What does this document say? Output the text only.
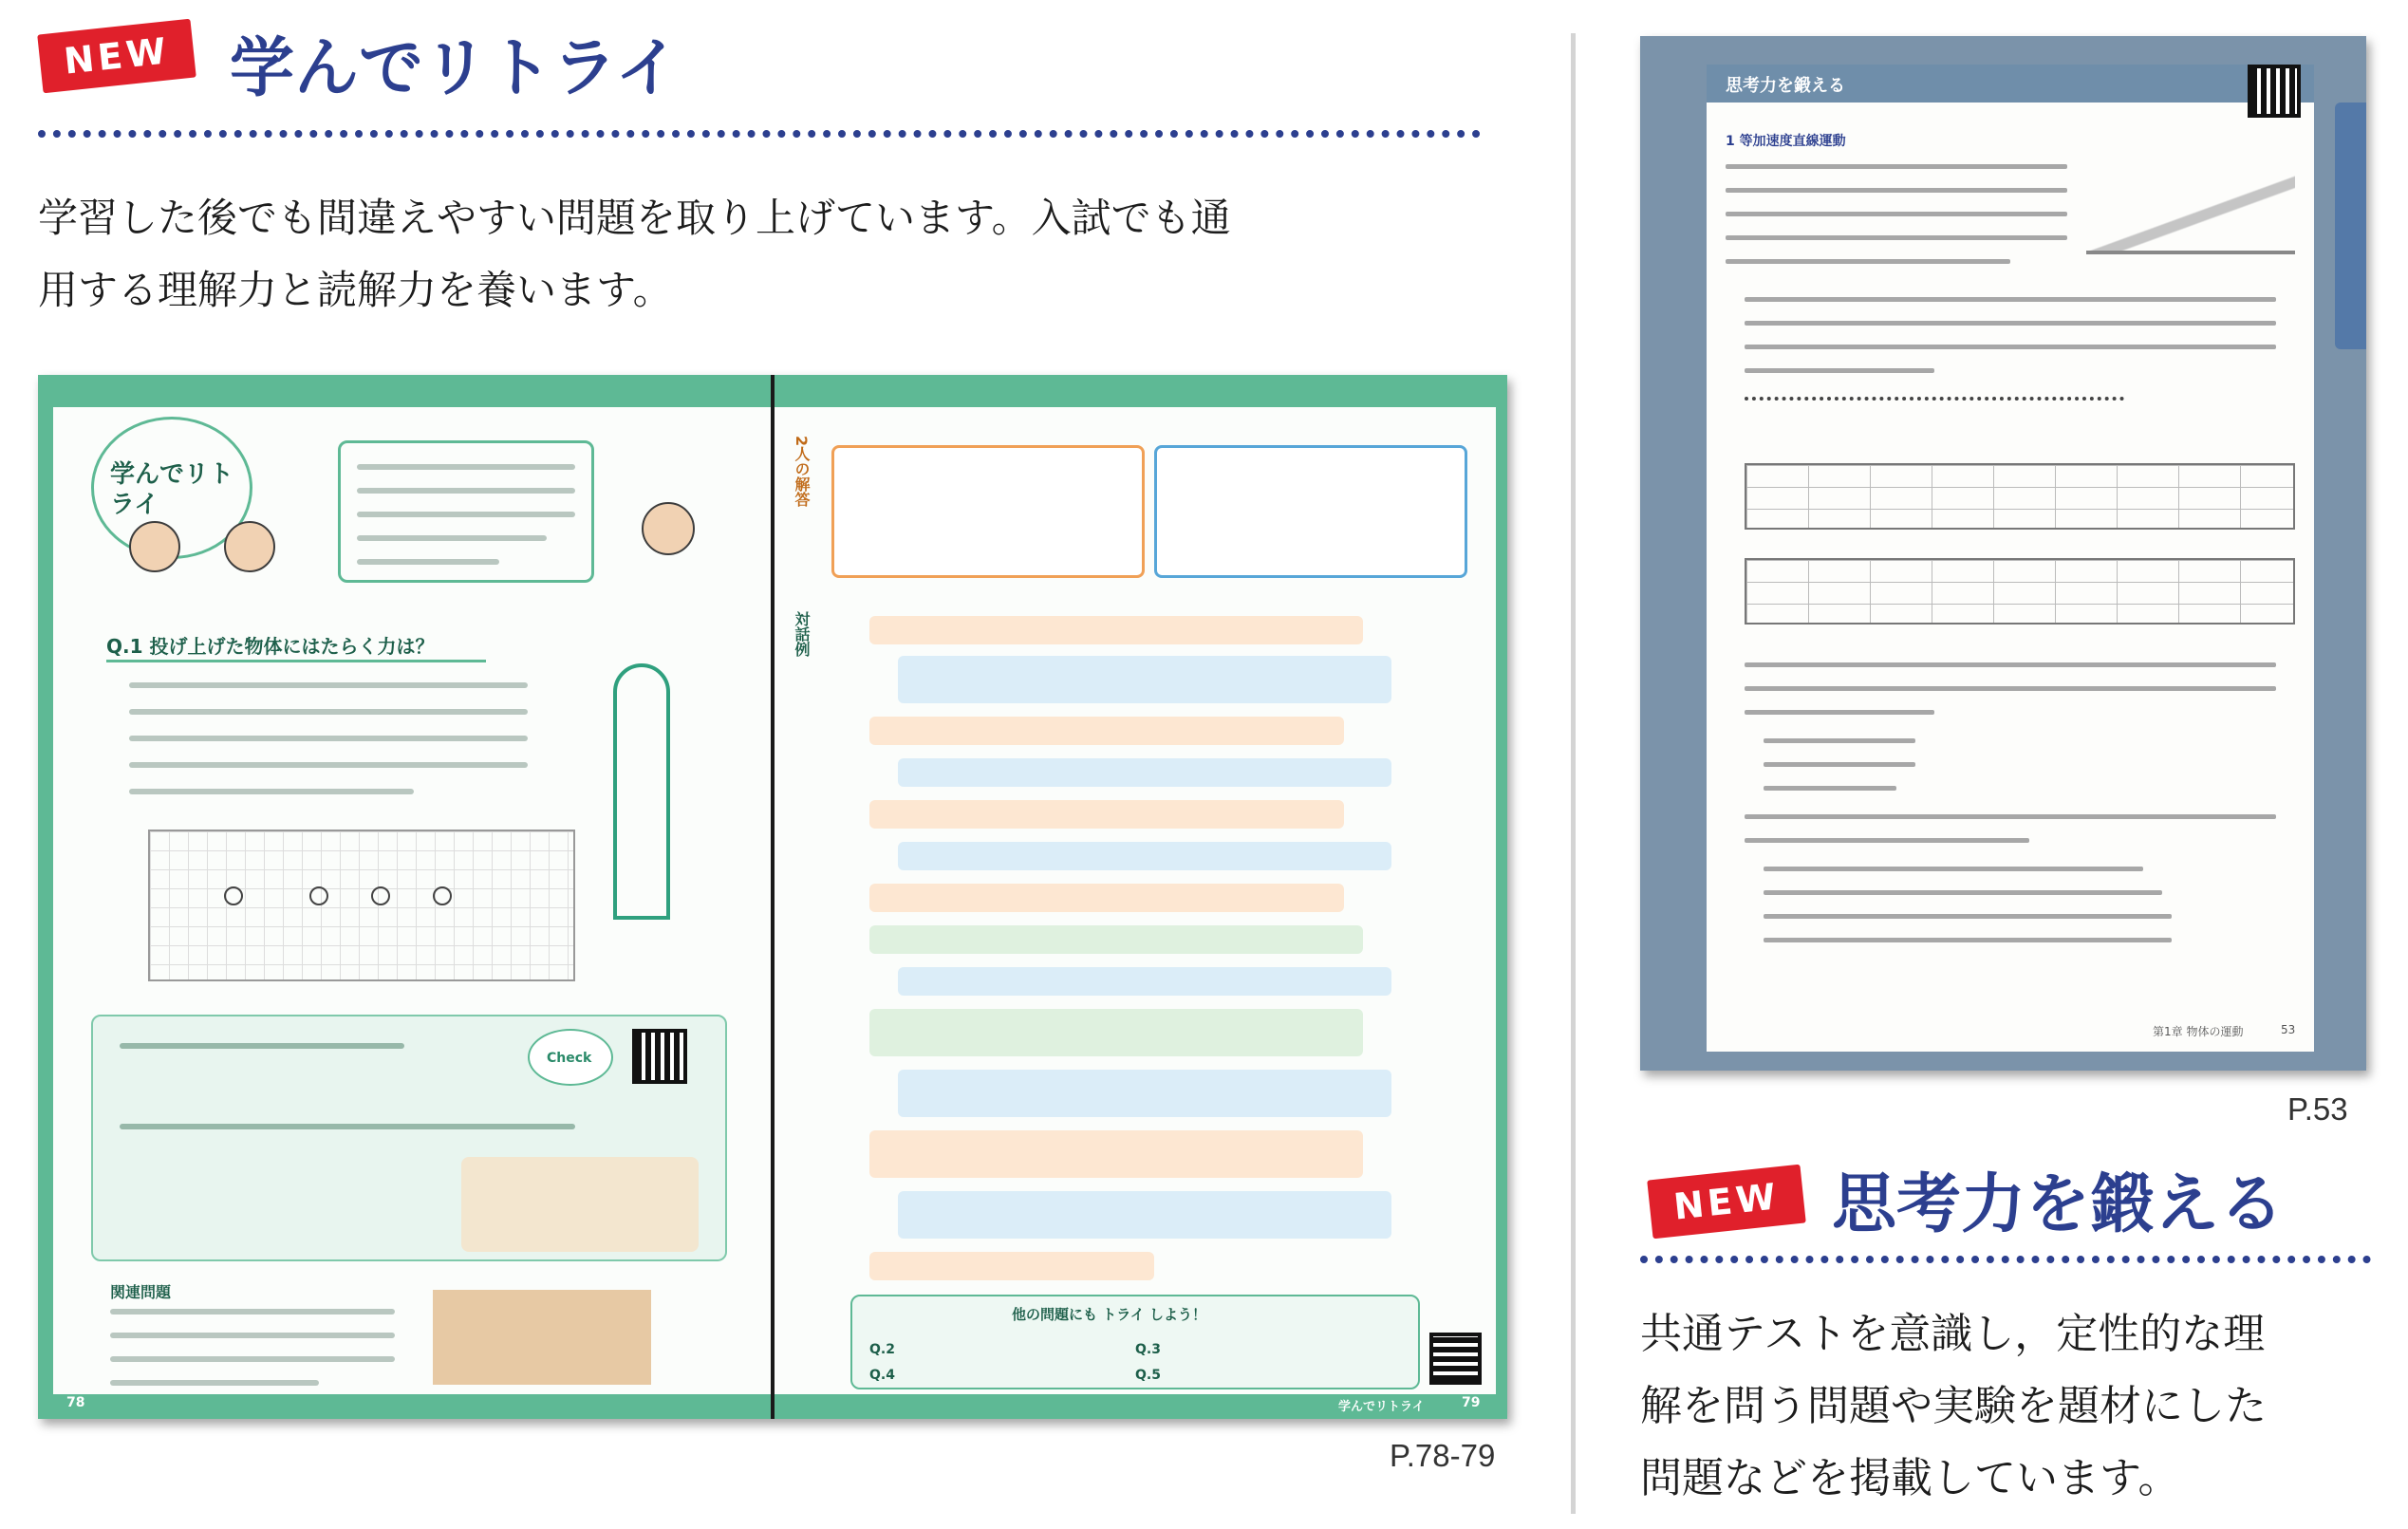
NEW 学んでリトライ
学習した後でも間違えやすい問題を取り上げています。入試でも通
用する理解力と読解力を養います。
学んでリトライ
Q.1 投げ上げた物体にはたらく力は？
Check
関連問題
78
2人の解答
対話例
他の問題にも トライ しよう！
Q.2	Q.3
Q.4	Q.5
学んでリトライ	79
P.78-79
思考力を鍛える
1 等加速度直線運動
第1章 物体の運動	53
P.53
NEW 思考力を鍛える
共通テストを意識し，定性的な理
解を問う問題や実験を題材にした
問題などを掲載しています。
